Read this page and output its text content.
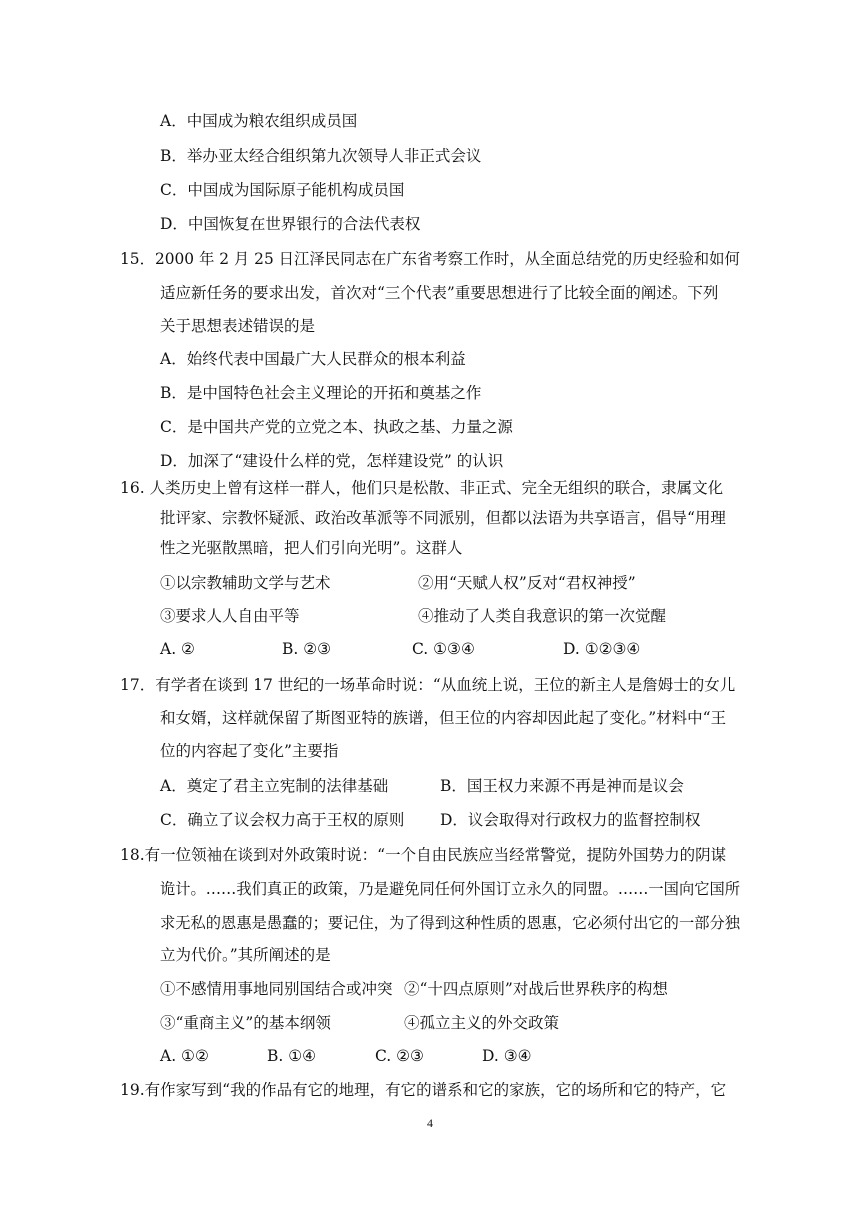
A．中国成为粮农组织成员国
B．举办亚太经合组织第九次领导人非正式会议
C．中国成为国际原子能机构成员国
D．中国恢复在世界银行的合法代表权
15．2000 年 2 月 25 日江泽民同志在广东省考察工作时，从全面总结党的历史经验和如何
适应新任务的要求出发，首次对“三个代表”重要思想进行了比较全面的阐述。下列
关于思想表述错误的是
A．始终代表中国最广大人民群众的根本利益
B．是中国特色社会主义理论的开拓和奠基之作
C．是中国共产党的立党之本、执政之基、力量之源
D．加深了“建设什么样的党，怎样建设党” 的认识
16. 人类历史上曾有这样一群人，他们只是松散、非正式、完全无组织的联合，隶属文化
批评家、宗教怀疑派、政治改革派等不同派别，但都以法语为共享语言，倡导“用理
性之光驱散黑暗，把人们引向光明”。这群人
①以宗教辅助文学与艺术	②用“天赋人权”反对“君权神授”
③要求人人自由平等	④推动了人类自我意识的第一次觉醒
A. ②	B. ②③	C. ①③④	D. ①②③④
17．有学者在谈到 17 世纪的一场革命时说：“从血统上说，王位的新主人是詹姆士的女儿
和女婿，这样就保留了斯图亚特的族谱，但王位的内容却因此起了变化。”材料中“王
位的内容起了变化”主要指
A．奠定了君主立宪制的法律基础	B．国王权力来源不再是神而是议会
C．确立了议会权力高于王权的原则 D．议会取得对行政权力的监督控制权
18.有一位领袖在谈到对外政策时说：“一个自由民族应当经常警觉，提防外国势力的阴谋
诡计。……我们真正的政策，乃是避免同任何外国订立永久的同盟。……一国向它国所
求无私的恩惠是愚蠢的；要记住，为了得到这种性质的恩惠，它必须付出它的一部分独
立为代价。”其所阐述的是
①不感情用事地同别国结合或冲突 ②“十四点原则”对战后世界秩序的构想
③“重商主义”的基本纲领	④孤立主义的外交政策
A. ①②	B. ①④	C. ②③	D. ③④
19.有作家写到“我的作品有它的地理，有它的谱系和它的家族，它的场所和它的特产，它
4
